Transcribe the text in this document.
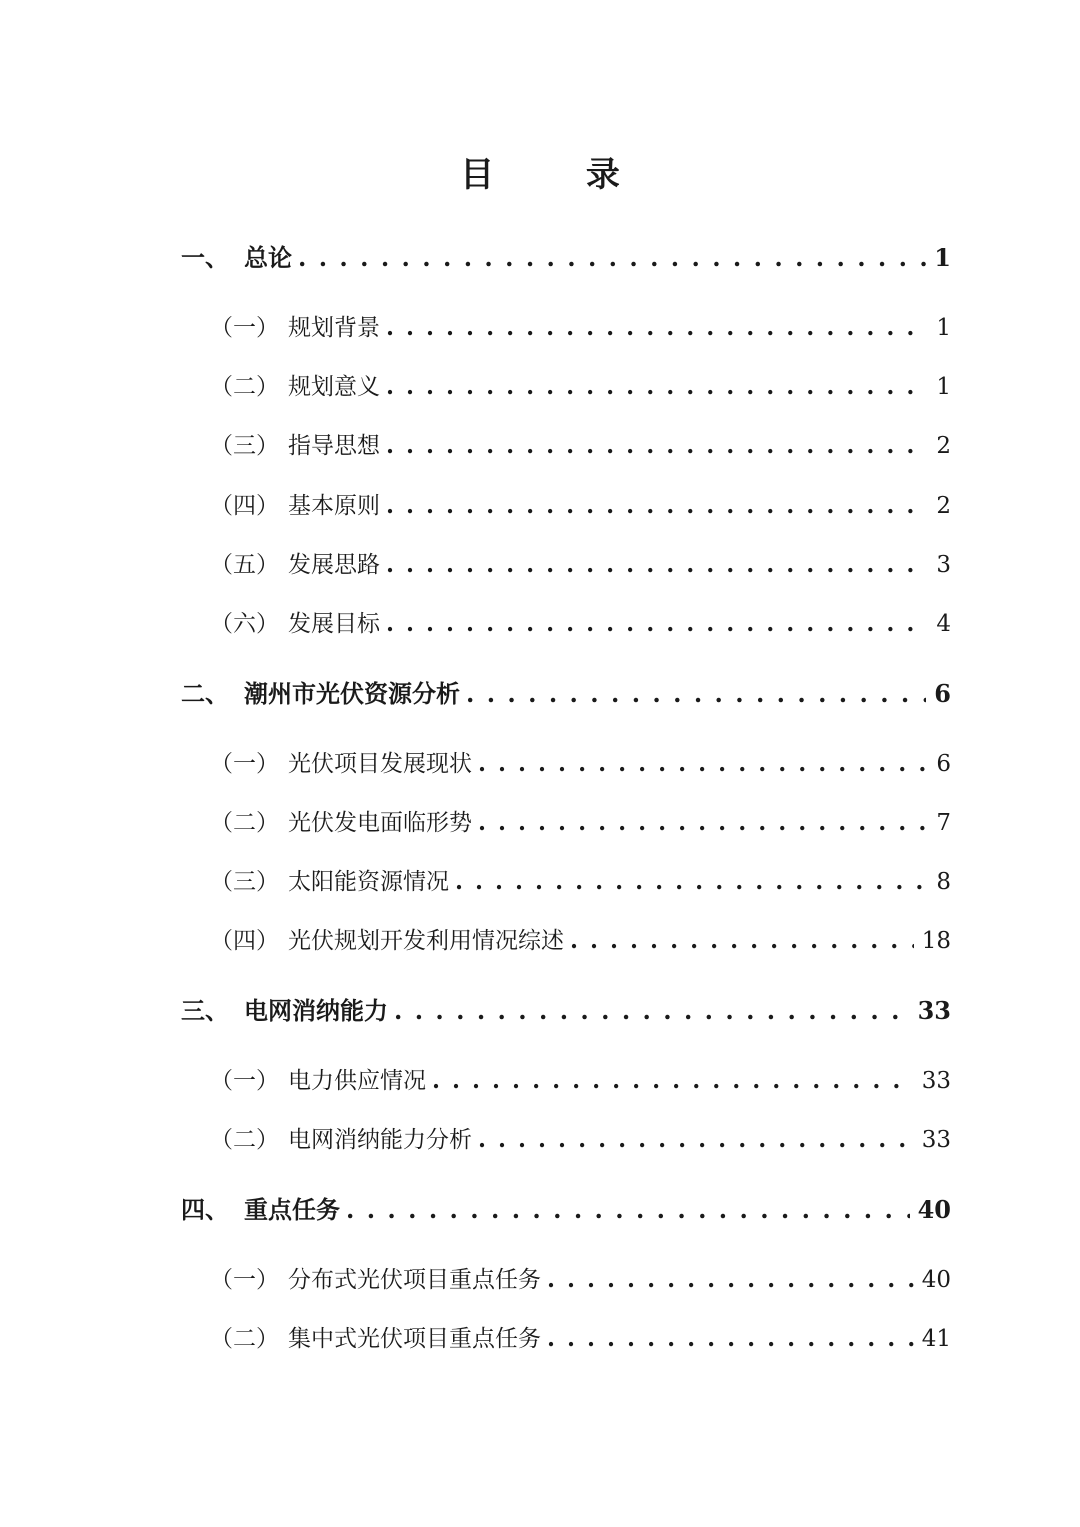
目 录
一、 总论 . . .	1
（一） 规划背景 . . .	1
（二） 规划意义 . . .	1
（三） 指导思想 . . .	2
（四） 基本原则 . . .	2
（五） 发展思路 . . .	3
（六） 发展目标 . . .	4
二、 潮州市光伏资源分析 . . .	6
（一） 光伏项目发展现状 . . .	6
（二） 光伏发电面临形势 . . .	7
（三） 太阳能资源情况 . . .	8
（四） 光伏规划开发利用情况综述 . . .	18
三、 电网消纳能力 . . .	33
（一） 电力供应情况 . . .	33
（二） 电网消纳能力分析 . . .	33
四、 重点任务 . . .	40
（一） 分布式光伏项目重点任务 . . .	40
（二） 集中式光伏项目重点任务 . . .	41
